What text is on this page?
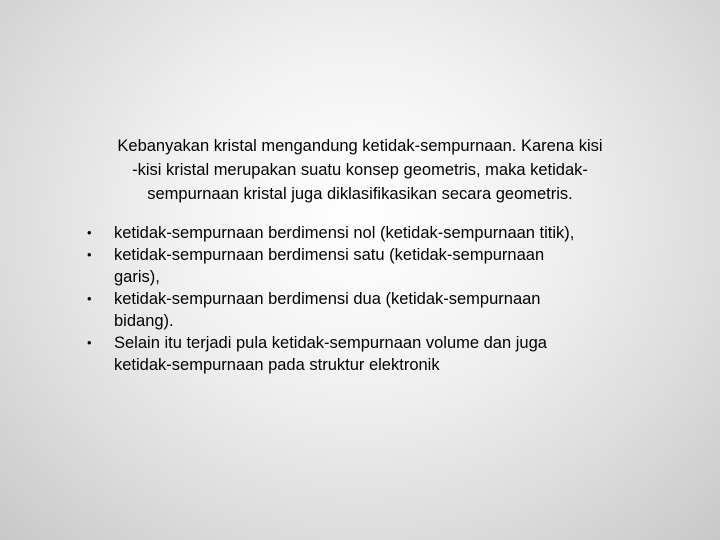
Kebanyakan kristal mengandung ketidak-sempurnaan. Karena kisi
-kisi kristal merupakan suatu konsep geometris, maka ketidak-
sempurnaan kristal juga diklasifikasikan secara geometris.

• ketidak-sempurnaan berdimensi nol (ketidak-sempurnaan titik),
• ketidak-sempurnaan berdimensi satu (ketidak-sempurnaan
garis),
• ketidak-sempurnaan berdimensi dua (ketidak-sempurnaan
bidang).
• Selain itu terjadi pula ketidak-sempurnaan volume dan juga
ketidak-sempurnaan pada struktur elektronik
